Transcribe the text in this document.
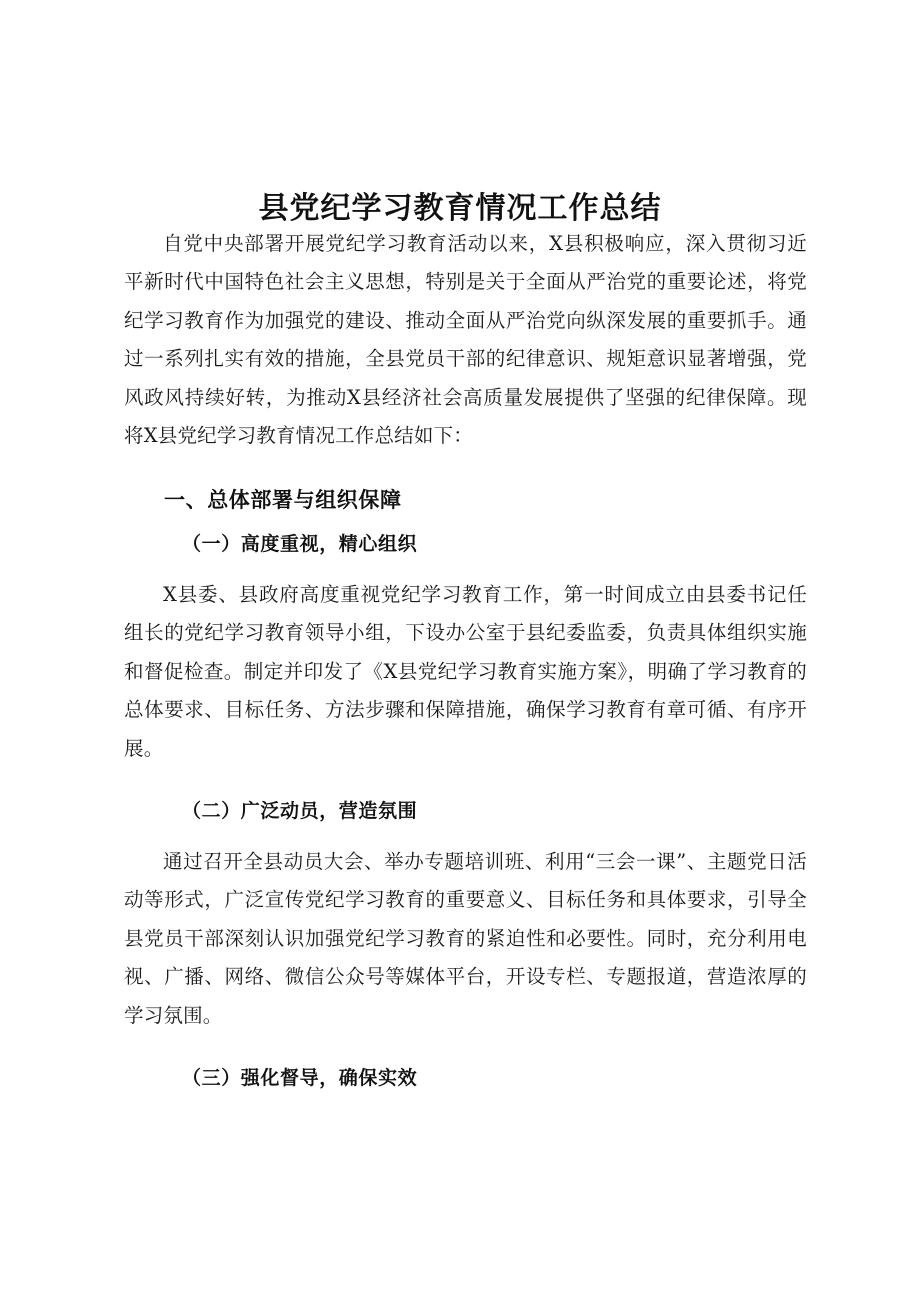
县党纪学习教育情况工作总结

自党中央部署开展党纪学习教育活动以来，X县积极响应，深入贯彻习近平新时代中国特色社会主义思想，特别是关于全面从严治党的重要论述，将党纪学习教育作为加强党的建设、推动全面从严治党向纵深发展的重要抓手。通过一系列扎实有效的措施，全县党员干部的纪律意识、规矩意识显著增强，党风政风持续好转，为推动X县经济社会高质量发展提供了坚强的纪律保障。现将X县党纪学习教育情况工作总结如下：

一、总体部署与组织保障
（一）高度重视，精心组织

X县委、县政府高度重视党纪学习教育工作，第一时间成立由县委书记任组长的党纪学习教育领导小组，下设办公室于县纪委监委，负责具体组织实施和督促检查。制定并印发了《X县党纪学习教育实施方案》，明确了学习教育的总体要求、目标任务、方法步骤和保障措施，确保学习教育有章可循、有序开展。

（二）广泛动员，营造氛围

通过召开全县动员大会、举办专题培训班、利用“三会一课”、主题党日活动等形式，广泛宣传党纪学习教育的重要意义、目标任务和具体要求，引导全县党员干部深刻认识加强党纪学习教育的紧迫性和必要性。同时，充分利用电视、广播、网络、微信公众号等媒体平台，开设专栏、专题报道，营造浓厚的学习氛围。

（三）强化督导，确保实效
